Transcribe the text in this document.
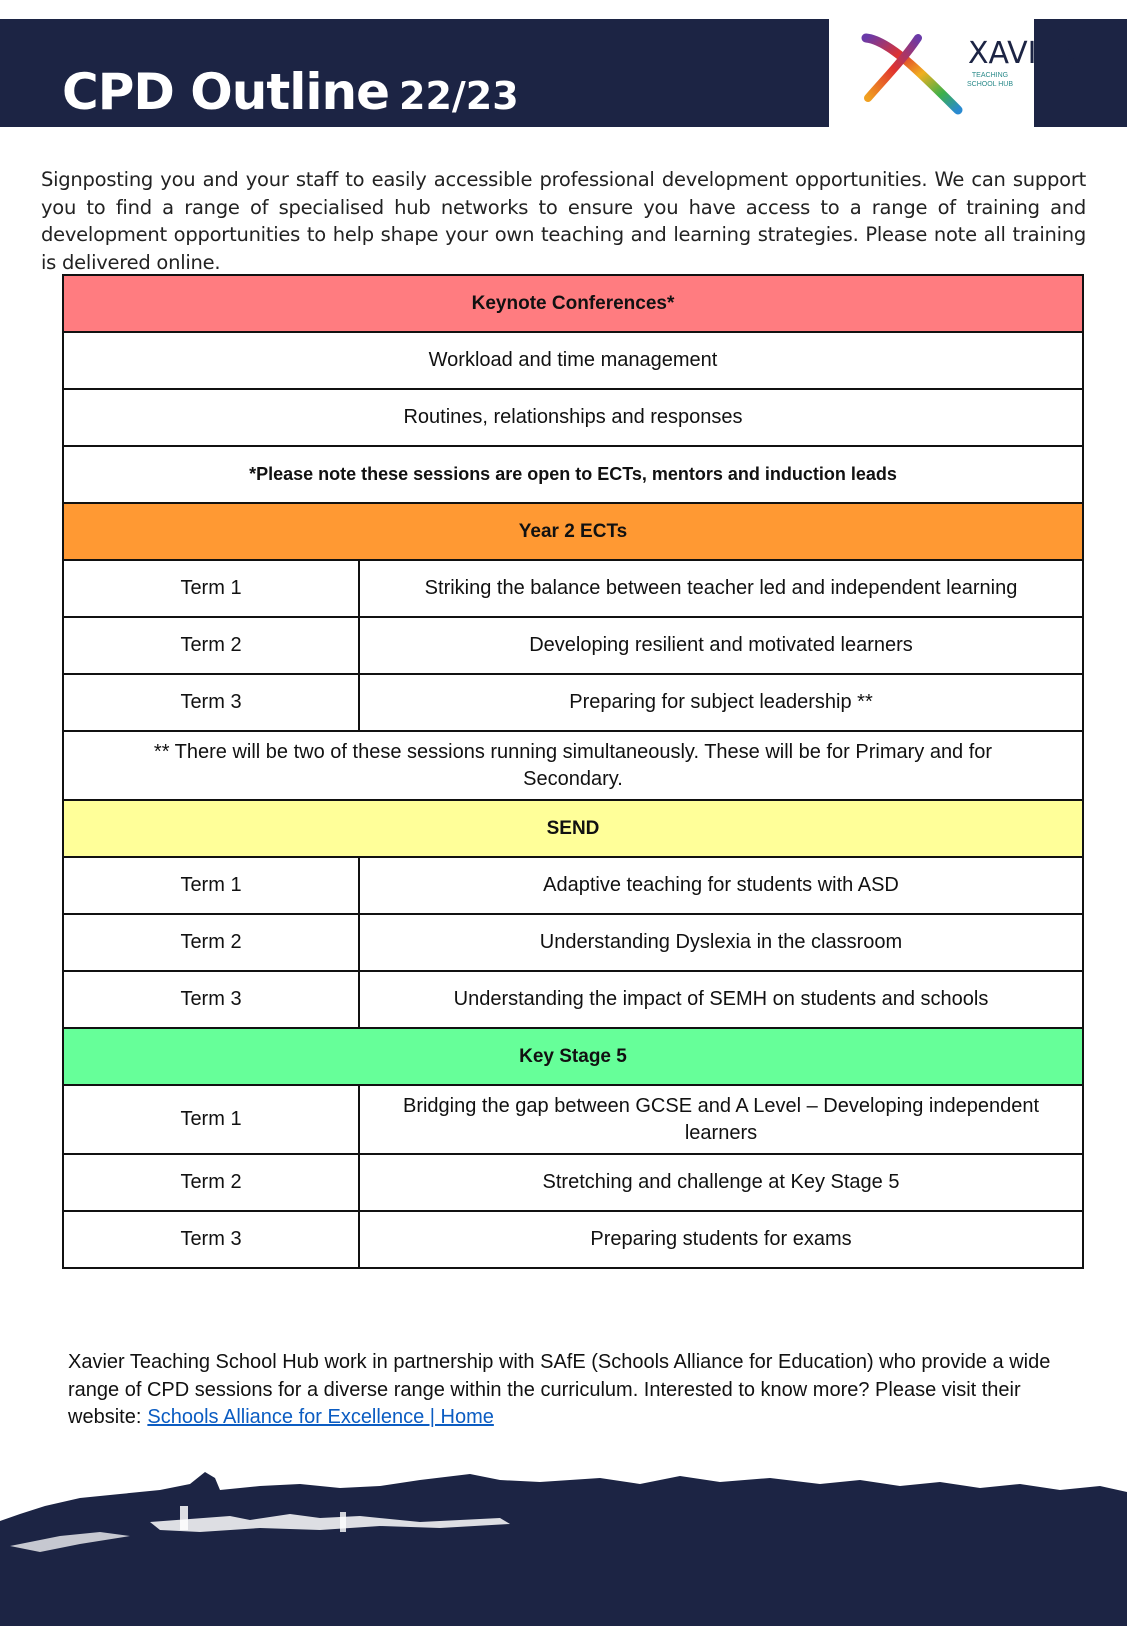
CPD Outline 22/23
XAVIER
TEACHING SCHOOL HUB
Signposting you and your staff to easily accessible professional development opportunities. We can support you to find a range of specialised hub networks to ensure you have access to a range of training and development opportunities to help shape your own teaching and learning strategies. Please note all training is delivered online.
Keynote Conferences*	
Workload and time management	
Routines, relationships and responses	
*Please note these sessions are open to ECTs, mentors and induction leads	
Year 2 ECTs	
Term 1	Striking the balance between teacher led and independent learning
Term 2	Developing resilient and motivated learners
Term 3	Preparing for subject leadership **
** There will be two of these sessions running simultaneously. These will be for Primary and for Secondary.	
SEND	
Term 1	Adaptive teaching for students with ASD
Term 2	Understanding Dyslexia in the classroom
Term 3	Understanding the impact of SEMH on students and schools
Key Stage 5	
Term 1	Bridging the gap between GCSE and A Level – Developing independent learners
Term 2	Stretching and challenge at Key Stage 5
Term 3	Preparing students for exams
Xavier Teaching School Hub work in partnership with SAfE (Schools Alliance for Education) who provide a wide range of CPD sessions for a diverse range within the curriculum. Interested to know more? Please visit their website: Schools Alliance for Excellence | Home
